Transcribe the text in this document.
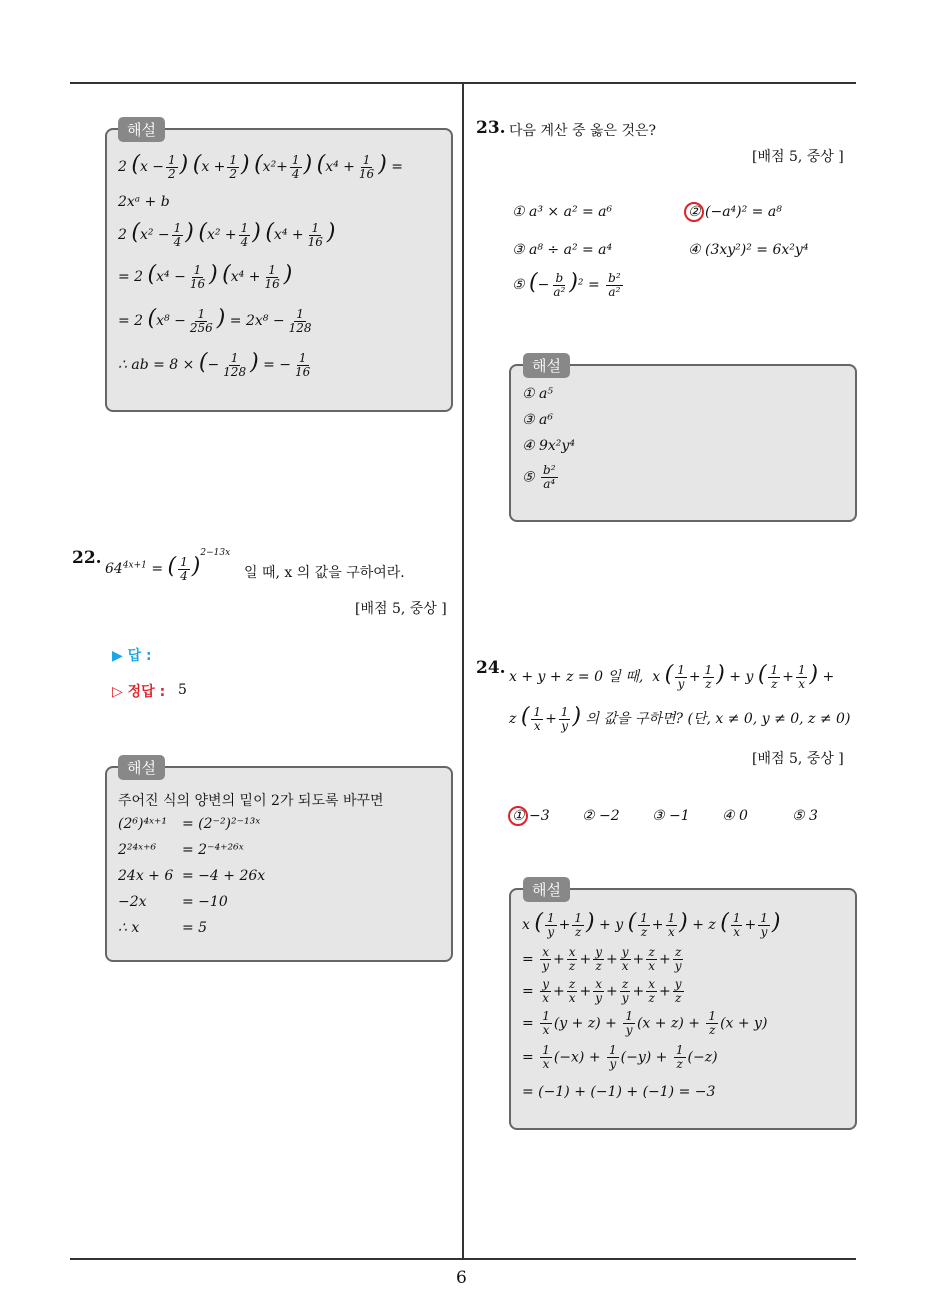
6
해설
2 ($x - \frac{1}{2}$ ) ($x + \frac{1}{2}$ ) ($x^2+ \frac{1}{4}$ ) ($x^4 + \frac{1}{16}$ ) =
2xᵃ + b
2 ($x^2 - \frac{1}{4}$ ) ($x^2 + \frac{1}{4}$ ) ($x^4 + \frac{1}{16}$ )
= 2 ($x^4 - \frac{1}{16}$ ) ($x^4 + \frac{1}{16}$ )
= 2 ($x^8 - \frac{1}{256}$ ) = $2x^8 - \frac{1}{128}$
∴ ab = 8 × (− $\frac{1}{128}$ ) = − $\frac{1}{16}$
22.
$64^{4x+1}$ = ( $\frac{1}{4} )^{2-13x}$
일 때, x 의 값을 구하여라.
[배점 5, 중상 ]
▶ 답 :
▷ 정답 : 5
해설
주어진 식의 양변의 밑이 2가 되도록 바꾸면
(2⁶)⁴ˣ⁺¹ = (2⁻²)²⁻¹³ˣ
2²⁴ˣ⁺⁶ = 2⁻⁴⁺²⁶ˣ
24x + 6 = −4 + 26x
−2x	= −10
∴ x	= 5
23. 다음 계산 중 옳은 것은?
[배점 5, 중상 ]
① a³ × a² = a⁶	② (−a⁴)² = a⁸
③ a⁸ ÷ a² = a⁴	④ (3xy²)² = 6x²y⁴
⑤ (− $\frac{b}{\text{a²}} )^2 = \frac{\text{b²}}{\text{a²}}$
해설
① a⁵
③ a⁶
④ 9x²y⁴
⑤ $\frac{\text{b²}}{\text{a⁴}}$
24. x + y + z = 0 일 때,  x ( $\frac{1}{y} + \frac{1}{z}$ ) + y ( $\frac{1}{z} + \frac{1}{x}$ ) +
z ( $\frac{1}{x} + \frac{1}{y}$ ) 의 값을 구하면? (단, x ≠ 0, y ≠ 0, z ≠ 0)
[배점 5, 중상 ]
① −3 ② −2 ③ −1 ④ 0	⑤ 3
해설
x ( $\frac{1}{y} + \frac{1}{z}$ ) + y ( $\frac{1}{z} + \frac{1}{x}$ ) + z ( $\frac{1}{x} + \frac{1}{y}$ )
= $\frac{x}{y} + \frac{x}{z} + \frac{y}{z} + \frac{y}{x} + \frac{z}{x} + \frac{z}{y}$
= $\frac{y}{x} + \frac{z}{x} + \frac{x}{y} + \frac{z}{y} + \frac{x}{z} + \frac{y}{z}$
= $\frac{1}{x} (y + z) + \frac{1}{y} (x + z) + \frac{1}{z} (x + y)$
= $\frac{1}{x} (-x) + \frac{1}{y} (-y) + \frac{1}{z} (-z)$
= (−1) + (−1) + (−1) = −3
